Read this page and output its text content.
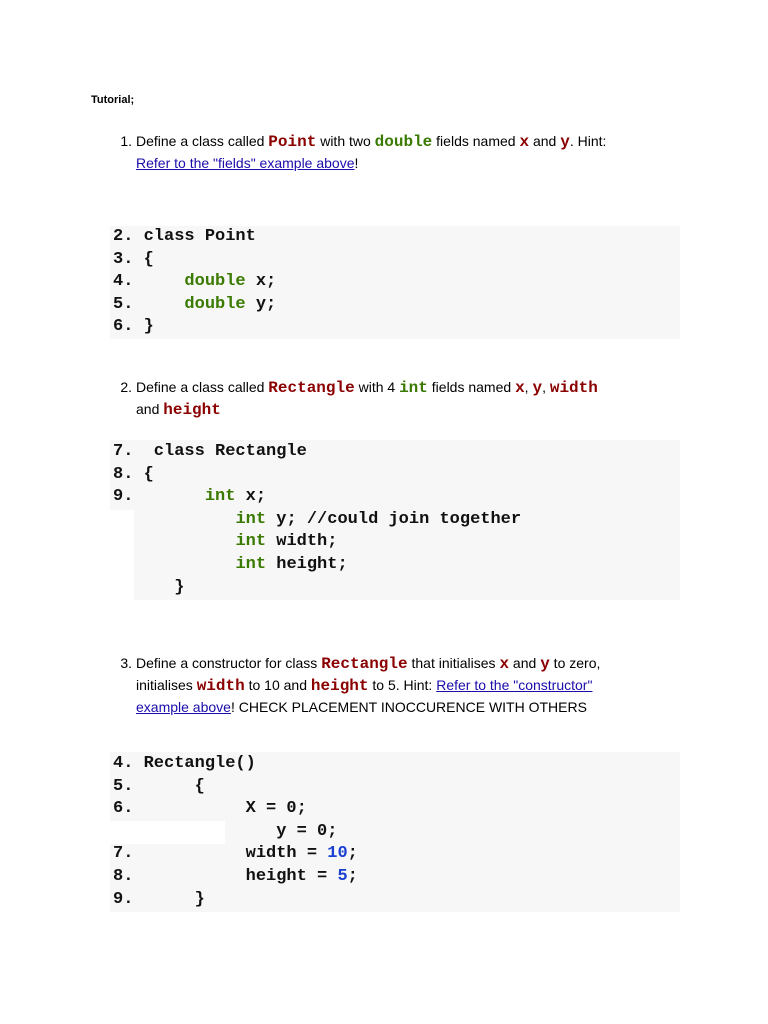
Tutorial;
1. Define a class called Point with two double fields named x and y. Hint:
Refer to the "fields" example above!
2. class Point
3. {
4.	double x;
5.	double y;
6. }
2. Define a class called Rectangle with 4 int fields named x, y, width
and height
7.  class Rectangle
8. {
9.	int x;
int y; //could join together
int width;
int height;
}
3. Define a constructor for class Rectangle that initialises x and y to zero,
initialises width to 10 and height to 5. Hint: Refer to the "constructor"
example above! CHECK PLACEMENT INOCCURENCE WITH OTHERS
4. Rectangle()
5.      {
6.           X = 0;
y = 0;
7.           width = 10;
8.           height = 5;
9.      }
